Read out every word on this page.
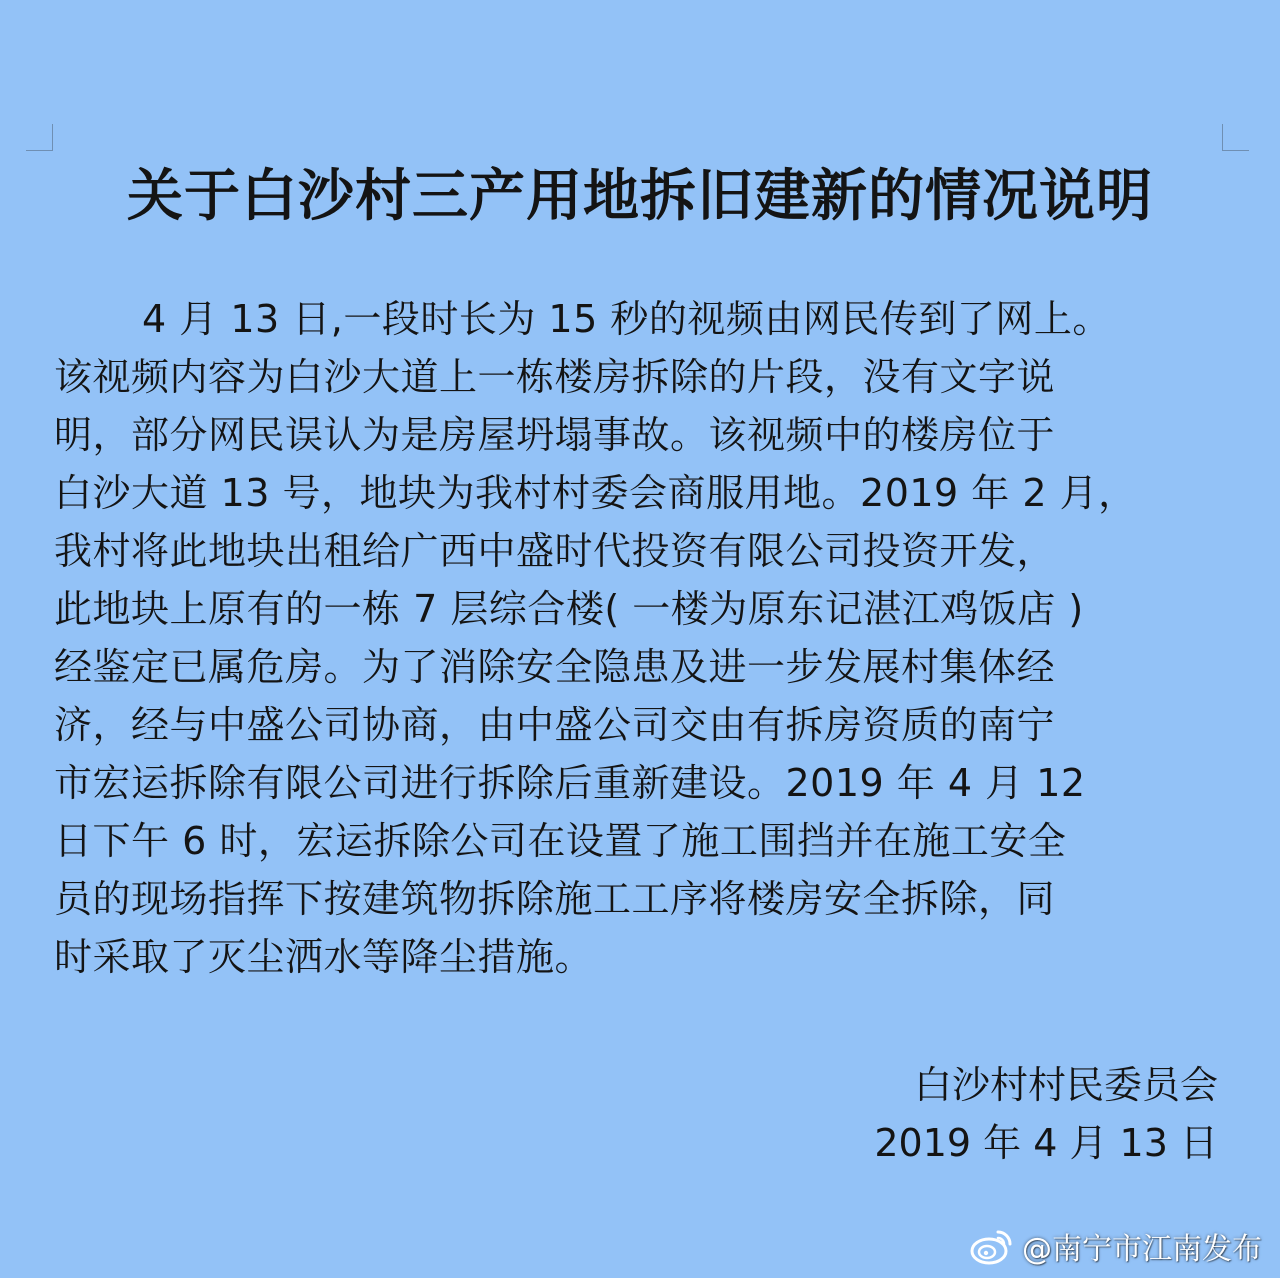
关于白沙村三产用地拆旧建新的情况说明
4 月 13 日,一段时长为 15 秒的视频由网民传到了网上。
该视频内容为白沙大道上一栋楼房拆除的片段，没有文字说
明，部分网民误认为是房屋坍塌事故。该视频中的楼房位于
白沙大道 13 号，地块为我村村委会商服用地。2019 年 2 月，
我村将此地块出租给广西中盛时代投资有限公司投资开发，
此地块上原有的一栋 7 层综合楼( 一楼为原东记湛江鸡饭店 )
经鉴定已属危房。为了消除安全隐患及进一步发展村集体经
济，经与中盛公司协商，由中盛公司交由有拆房资质的南宁
市宏运拆除有限公司进行拆除后重新建设。2019 年 4 月 12
日下午 6 时，宏运拆除公司在设置了施工围挡并在施工安全
员的现场指挥下按建筑物拆除施工工序将楼房安全拆除，同
时采取了灭尘洒水等降尘措施。
白沙村村民委员会
2019 年 4 月 13 日
@南宁市江南发布
